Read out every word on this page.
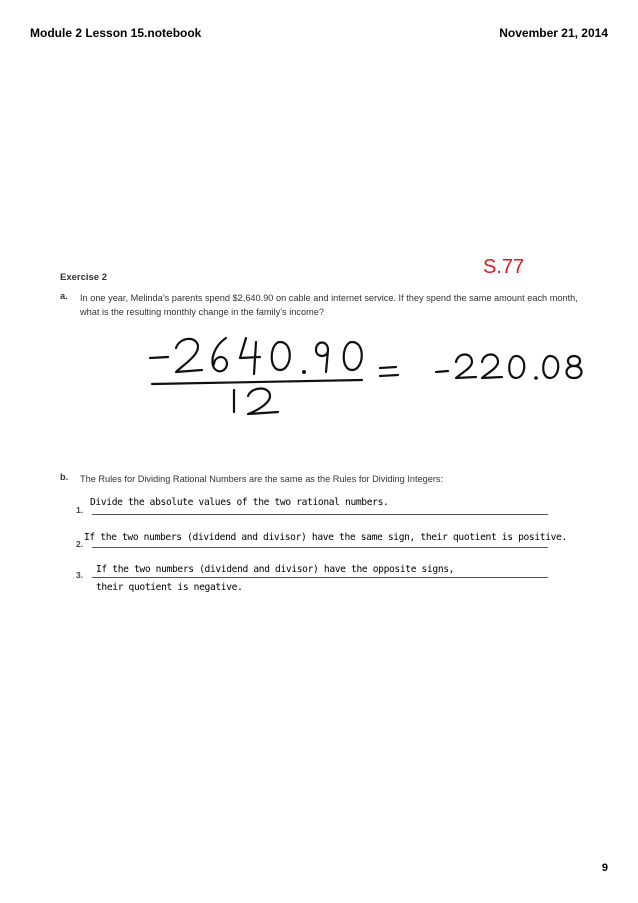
Module 2 Lesson 15.notebook	November 21, 2014
S.77
Exercise 2
a. In one year, Melinda’s parents spend $2,640.90 on cable and internet service. If they spend the same amount each month, what is the resulting monthly change in the family’s income?
b. The Rules for Dividing Rational Numbers are the same as the Rules for Dividing Integers:
1.
Divide the absolute values of the two rational numbers.
2.
If the two numbers (dividend and divisor) have the same sign, their quotient is positive.
3. If the two numbers (dividend and divisor) have the opposite signs,
their quotient is negative.
9
